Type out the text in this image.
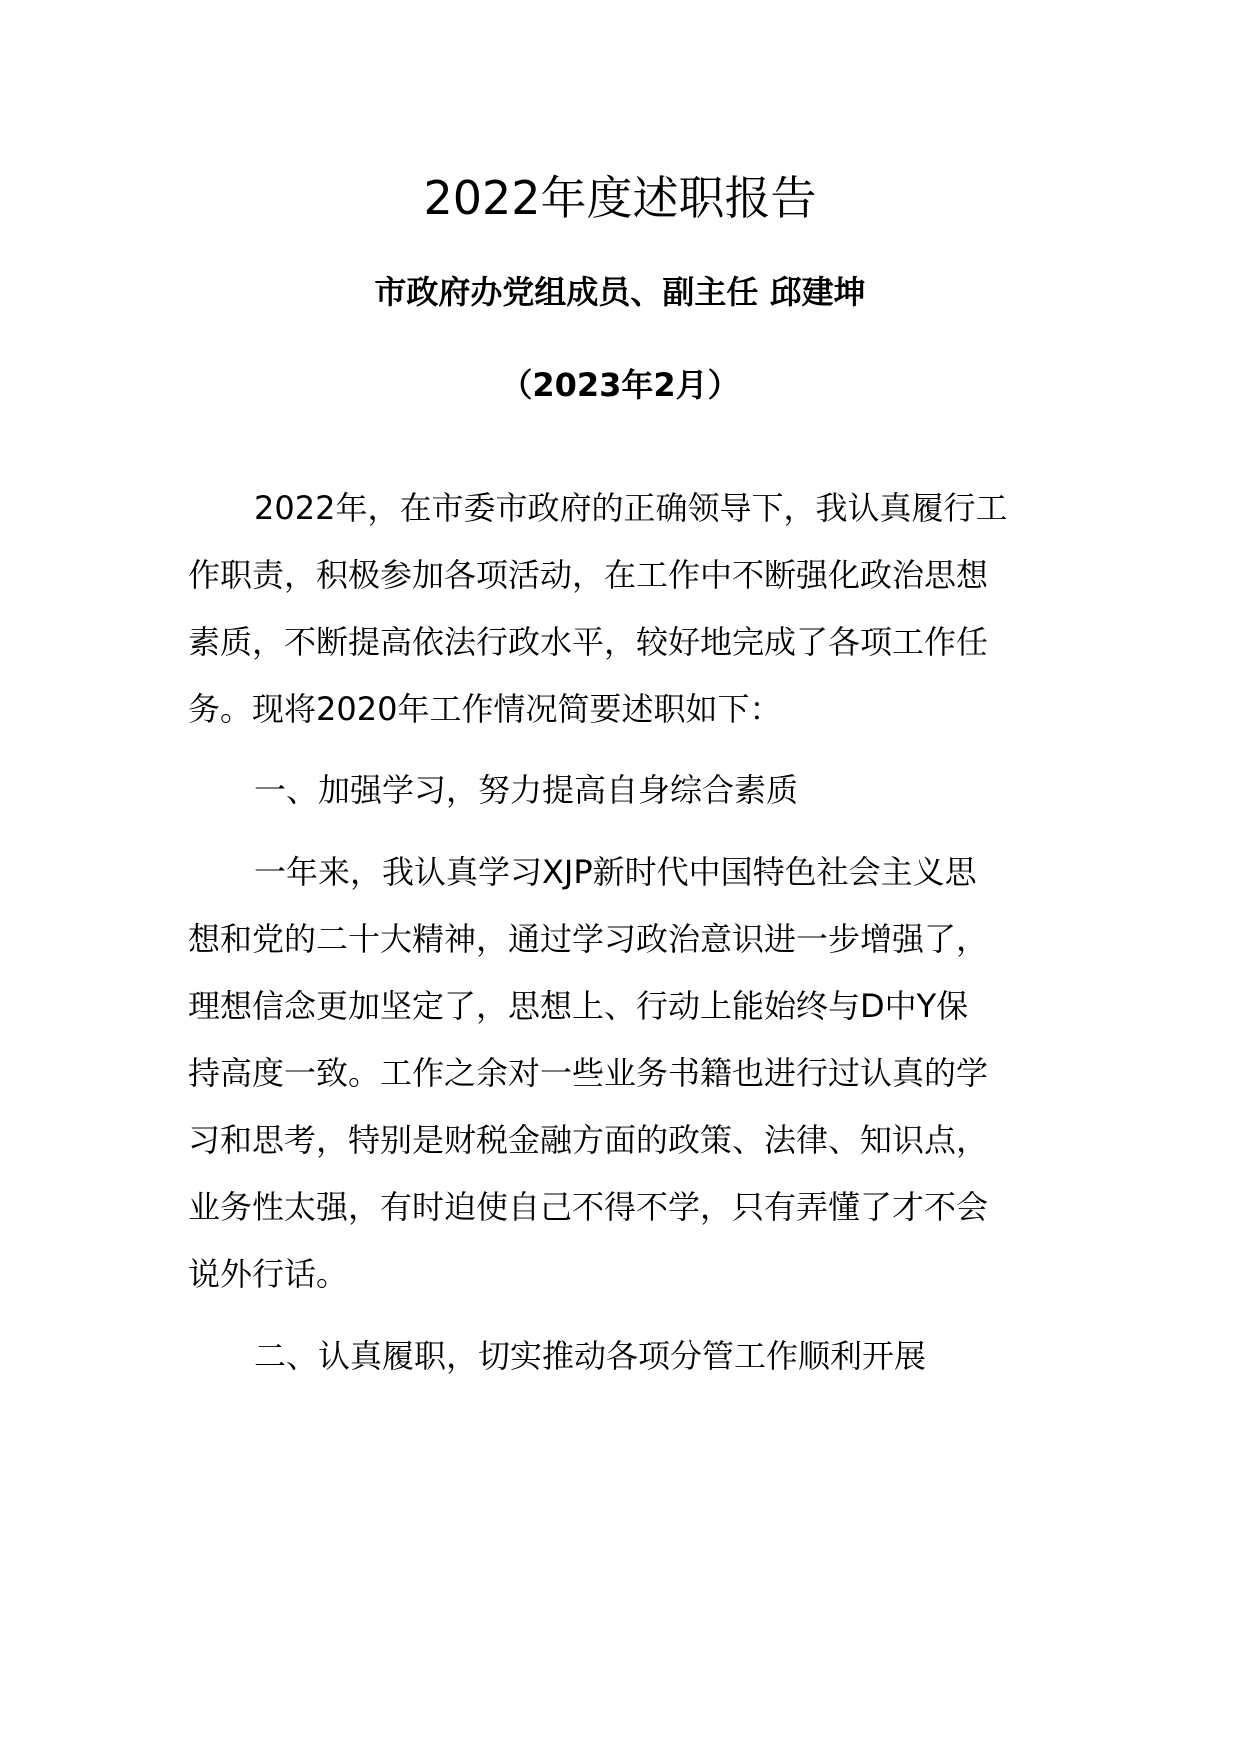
2022年度述职报告
市政府办党组成员、副主任 邱建坤
（2023年2月）

2022年，在市委市政府的正确领导下，我认真履行工

作职责，积极参加各项活动，在工作中不断强化政治思想

素质，不断提高依法行政水平，较好地完成了各项工作任

务。现将2020年工作情况简要述职如下：

一、加强学习，努力提高自身综合素质

一年来，我认真学习XJP新时代中国特色社会主义思

想和党的二十大精神，通过学习政治意识进一步增强了，

理想信念更加坚定了，思想上、行动上能始终与D中Y保

持高度一致。工作之余对一些业务书籍也进行过认真的学

习和思考，特别是财税金融方面的政策、法律、知识点，

业务性太强，有时迫使自己不得不学，只有弄懂了才不会

说外行话。

二、认真履职，切实推动各项分管工作顺利开展
